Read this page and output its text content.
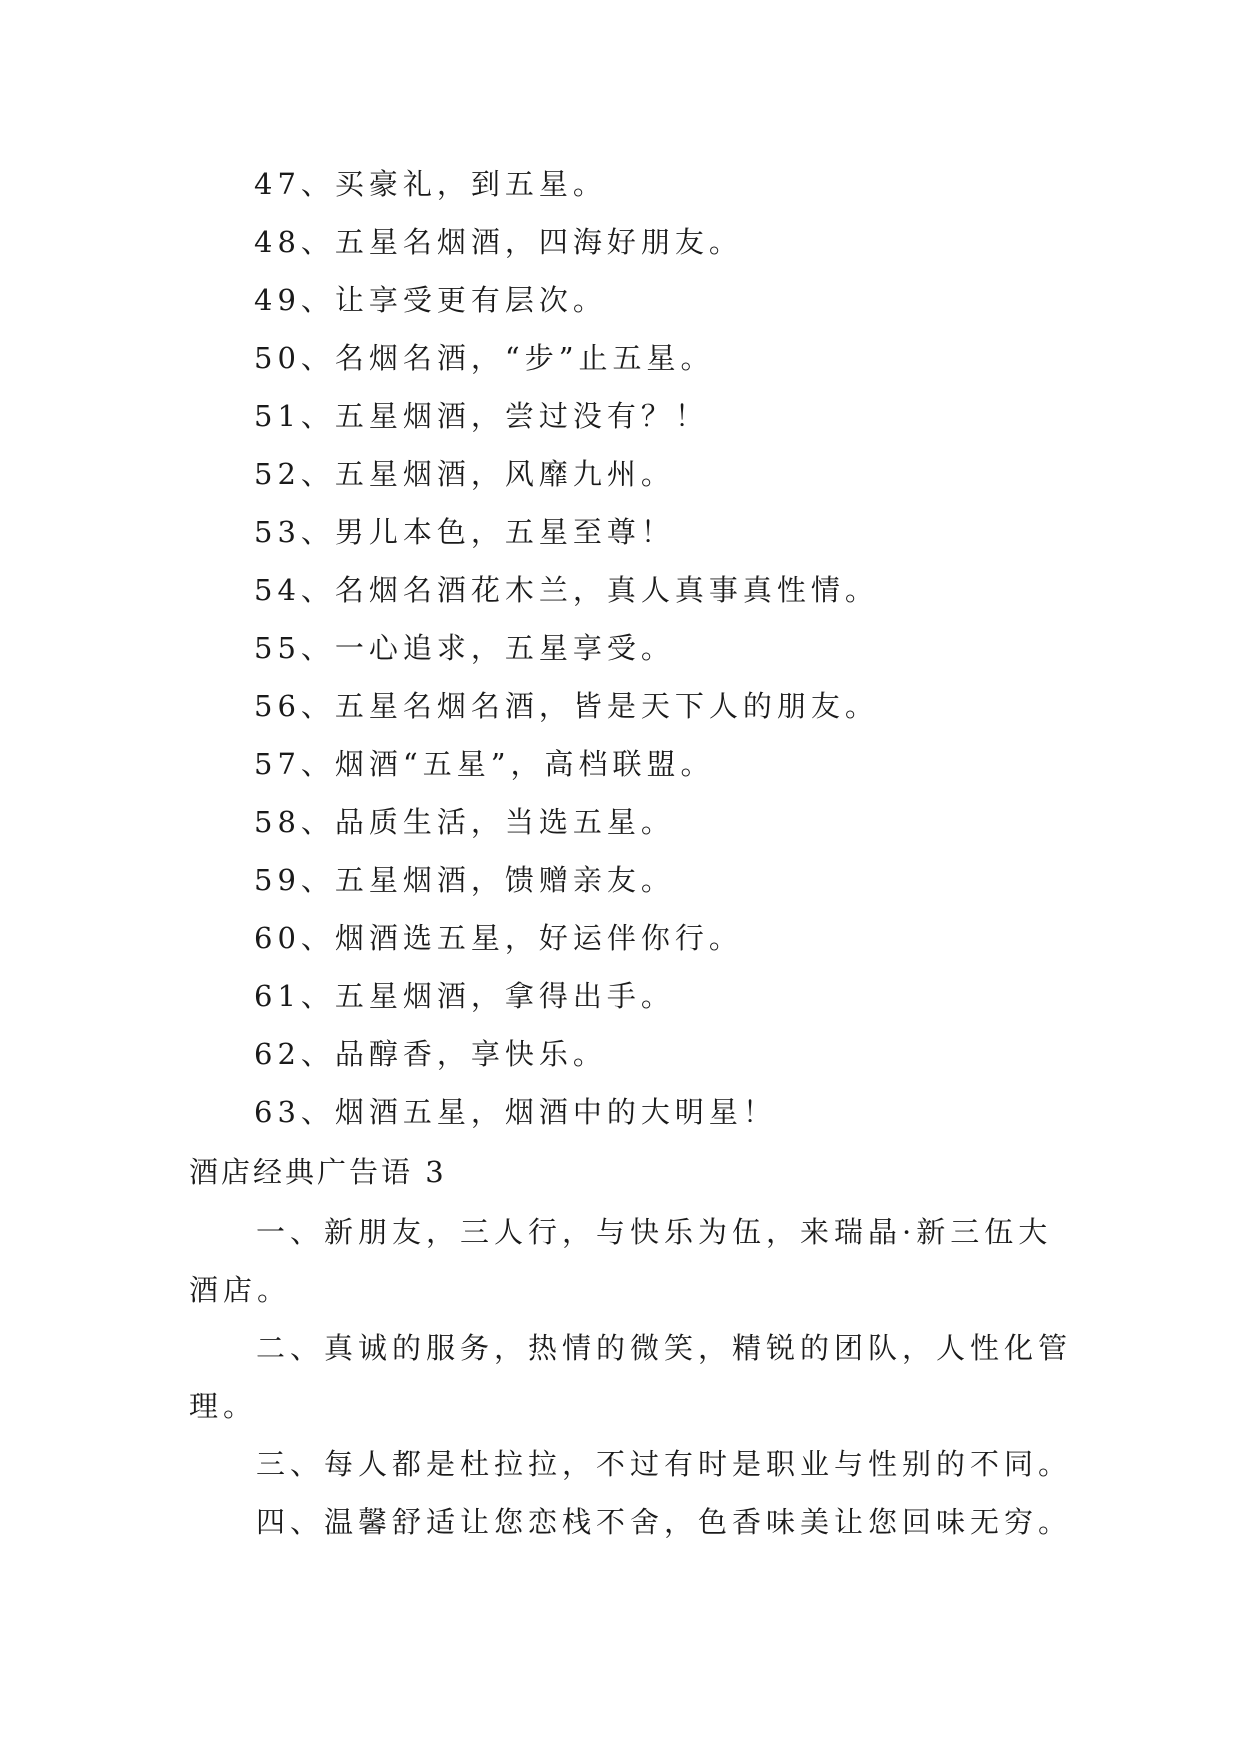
47、买豪礼，到五星。
48、五星名烟酒，四海好朋友。
49、让享受更有层次。
50、名烟名酒，“步”止五星。
51、五星烟酒，尝过没有？！
52、五星烟酒，风靡九州。
53、男儿本色，五星至尊！
54、名烟名酒花木兰，真人真事真性情。
55、一心追求，五星享受。
56、五星名烟名酒，皆是天下人的朋友。
57、烟酒“五星”，高档联盟。
58、品质生活，当选五星。
59、五星烟酒，馈赠亲友。
60、烟酒选五星，好运伴你行。
61、五星烟酒，拿得出手。
62、品醇香，享快乐。
63、烟酒五星，烟酒中的大明星！
酒店经典广告语 3
一、新朋友，三人行，与快乐为伍，来瑞晶·新三伍大
酒店。
二、真诚的服务，热情的微笑，精锐的团队，人性化管
理。
三、每人都是杜拉拉，不过有时是职业与性别的不同。
四、温馨舒适让您恋栈不舍，色香味美让您回味无穷。
